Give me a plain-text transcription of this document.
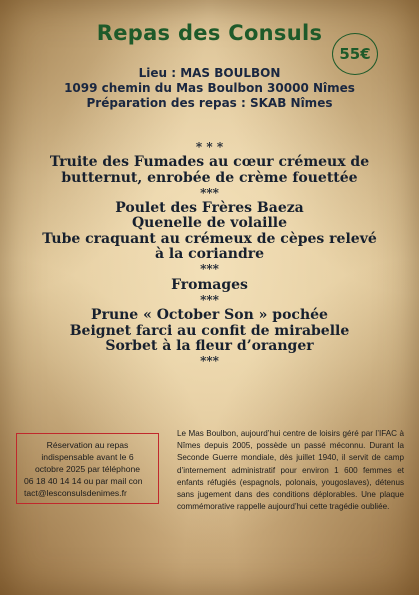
Repas des Consuls
55€
Lieu : MAS BOULBON
1099 chemin du Mas Boulbon 30000 Nîmes
Préparation des repas : SKAB Nîmes
* * *
Truite des Fumades au cœur crémeux de
butternut, enrobée de crème fouettée
***
Poulet des Frères Baeza
Quenelle de volaille
Tube craquant au crémeux de cèpes relevé à la coriandre
***
Fromages
***
Prune « October Son » pochée
Beignet farci au confit de mirabelle
Sorbet à la fleur d’oranger
***
Réservation au repas
indispensable avant le 6
octobre 2025 par téléphone
06 18 40 14 14 ou par mail con
tact@lesconsulsdenimes.fr
Le Mas Boulbon, aujourd’hui centre de loisirs géré par l’IFAC à Nîmes depuis 2005, possède un passé méconnu. Durant la Seconde Guerre mondiale, dès juillet 1940, il servit de camp d’internement administratif pour environ 1 600 femmes et enfants réfugiés (espagnols, polonais, yougoslaves), détenus sans jugement dans des conditions déplorables. Une plaque commémorative rappelle aujourd’hui cette tragédie oubliée.
